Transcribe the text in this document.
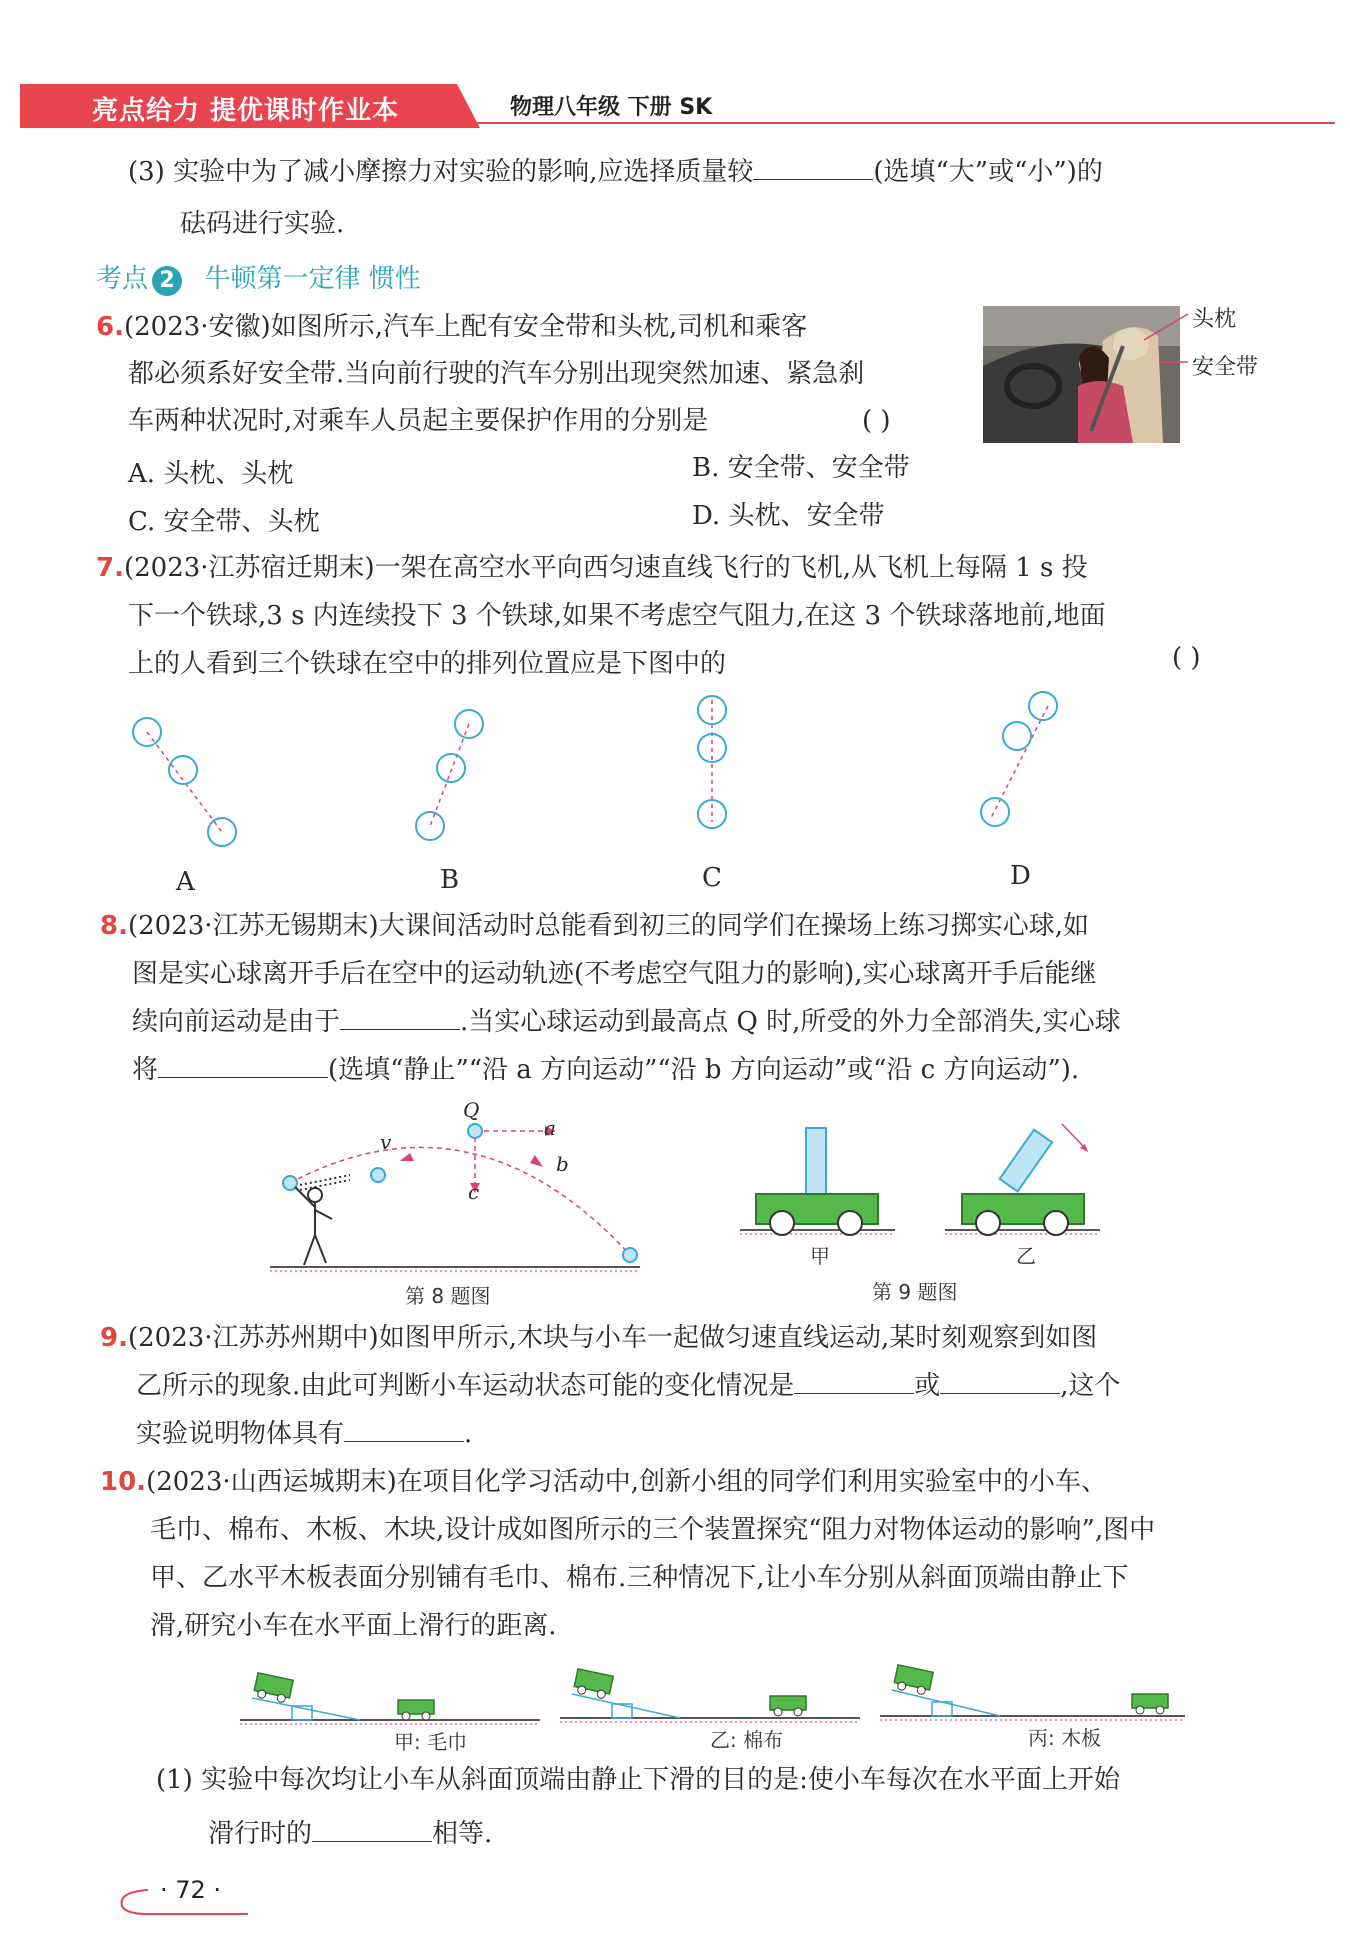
亮点给力 提优课时作业本	物理八年级 下册 SK
(3) 实验中为了减小摩擦力对实验的影响,应选择质量较	(选填“大”或“小”)的
砝码进行实验.
考点 2 牛顿第一定律 惯性
6.(2023·安徽)如图所示,汽车上配有安全带和头枕,司机和乘客
都必须系好安全带.当向前行驶的汽车分别出现突然加速、紧急刹
车两种状况时,对乘车人员起主要保护作用的分别是	( )
A. 头枕、头枕	B. 安全带、安全带
C. 安全带、头枕	D. 头枕、安全带
头枕
安全带
7.(2023·江苏宿迁期末)一架在高空水平向西匀速直线飞行的飞机,从飞机上每隔 1 s 投
下一个铁球,3 s 内连续投下 3 个铁球,如果不考虑空气阻力,在这 3 个铁球落地前,地面
上的人看到三个铁球在空中的排列位置应是下图中的	( )
A	B	C	D
8.(2023·江苏无锡期末)大课间活动时总能看到初三的同学们在操场上练习掷实心球,如
图是实心球离开手后在空中的运动轨迹(不考虑空气阻力的影响),实心球离开手后能继
续向前运动是由于	.当实心球运动到最高点 Q 时,所受的外力全部消失,实心球
将	(选填“静止”“沿 a 方向运动”“沿 b 方向运动”或“沿 c 方向运动”).
Q
v
a
b
c
第 8 题图
甲	乙
第 9 题图
9.(2023·江苏苏州期中)如图甲所示,木块与小车一起做匀速直线运动,某时刻观察到如图
乙所示的现象.由此可判断小车运动状态可能的变化情况是	或	,这个
实验说明物体具有	.
10.(2023·山西运城期末)在项目化学习活动中,创新小组的同学们利用实验室中的小车、
毛巾、棉布、木板、木块,设计成如图所示的三个装置探究“阻力对物体运动的影响”,图中
甲、乙水平木板表面分别铺有毛巾、棉布.三种情况下,让小车分别从斜面顶端由静止下
滑,研究小车在水平面上滑行的距离.
甲: 毛巾	乙: 棉布	丙: 木板
(1) 实验中每次均让小车从斜面顶端由静止下滑的目的是:使小车每次在水平面上开始
滑行时的	相等.
· 72 ·
